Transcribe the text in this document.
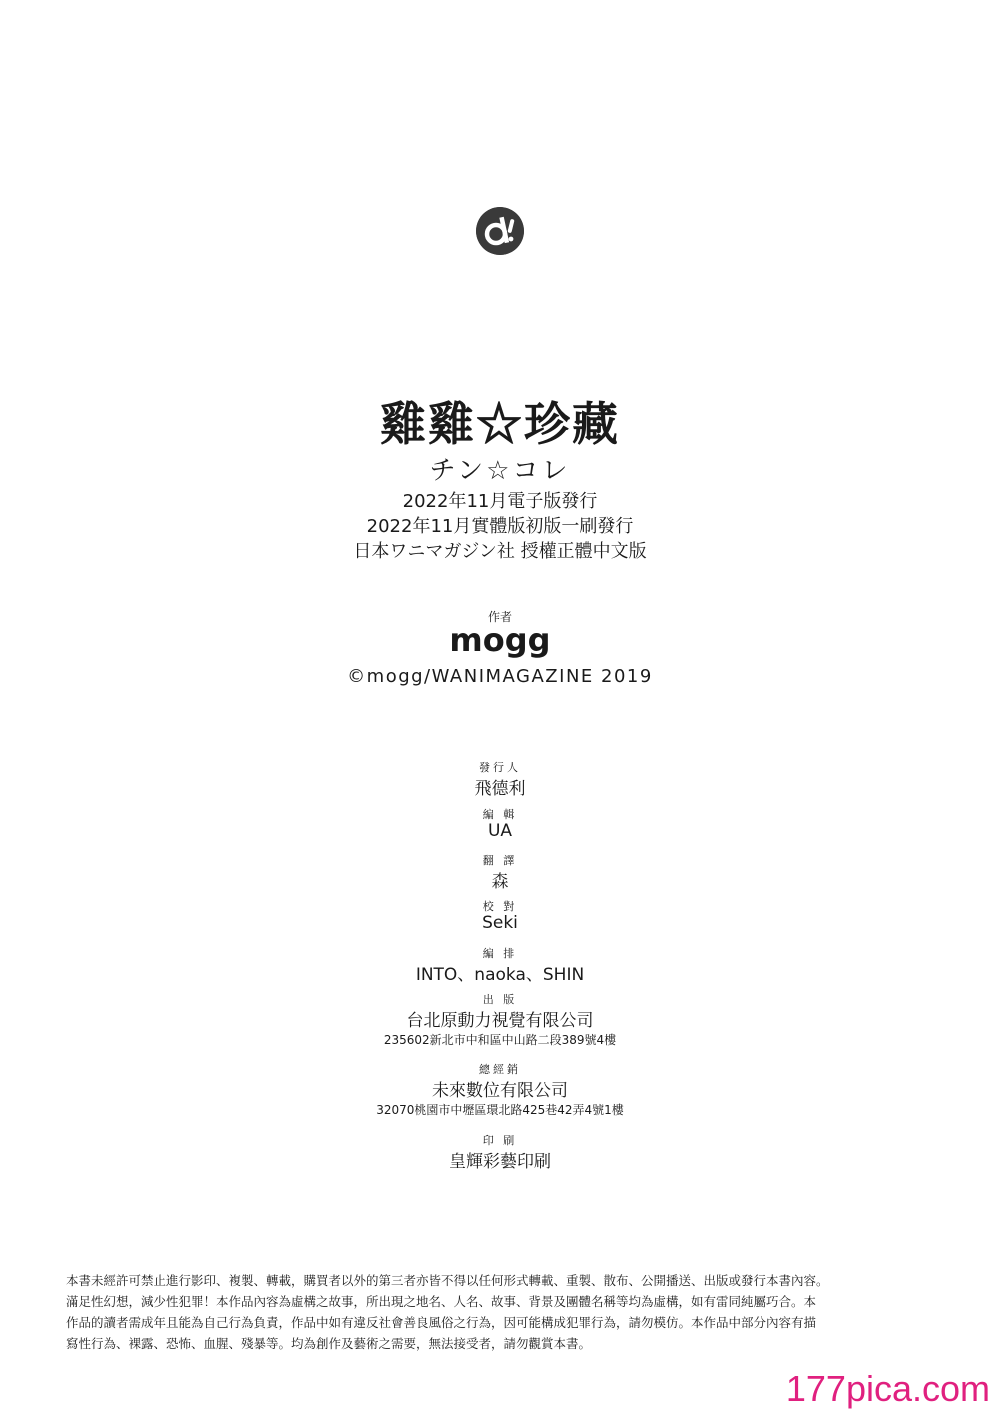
雞雞☆珍藏
チン☆コレ
2022年11月電子版發行
2022年11月實體版初版一刷發行
日本ワニマガジン社 授權正體中文版
作者
mogg
©mogg/WANIMAGAZINE 2019
發行人
飛德利
編 輯
UA
翻 譯
森
校 對
Seki
編 排
INTO、naoka、SHIN
出 版
台北原動力視覺有限公司
235602新北市中和區中山路二段389號4樓
總經銷
未來數位有限公司
32070桃園市中壢區環北路425巷42弄4號1樓
印 刷
皇輝彩藝印刷
本書未經許可禁止進行影印、複製、轉載，購買者以外的第三者亦皆不得以任何形式轉載、重製、散布、公開播送、出版或發行本書內容。
滿足性幻想，減少性犯罪！本作品內容為虛構之故事，所出現之地名、人名、故事、背景及團體名稱等均為虛構，如有雷同純屬巧合。本
作品的讀者需成年且能為自己行為負責，作品中如有違反社會善良風俗之行為，因可能構成犯罪行為，請勿模仿。本作品中部分內容有描
寫性行為、裸露、恐怖、血腥、殘暴等。均為創作及藝術之需要，無法接受者，請勿觀賞本書。
177pica.com
